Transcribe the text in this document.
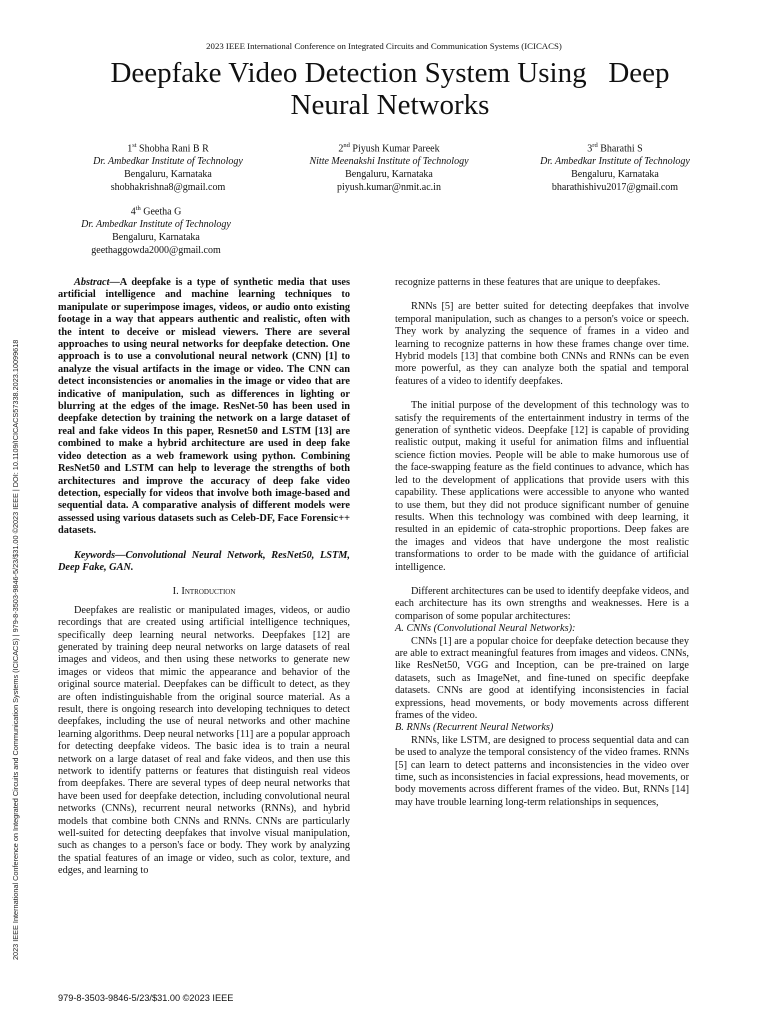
2023 IEEE International Conference on Integrated Circuits and Communication Systems (ICICACS)
Deepfake Video Detection System Using   Deep
Neural Networks
1st Shobha Rani B R
Dr. Ambedkar Institute of Technology
Bengaluru, Karnataka
shobhakrishna8@gmail.com
2nd Piyush Kumar Pareek
Nitte Meenakshi Institute of Technology
Bengaluru, Karnataka
piyush.kumar@nmit.ac.in
3rd Bharathi S
Dr. Ambedkar Institute of Technology
Bengaluru, Karnataka
bharathishivu2017@gmail.com
4th Geetha G
Dr. Ambedkar Institute of Technology
Bengaluru, Karnataka
geethaggowda2000@gmail.com
2023 IEEE International Conference on Integrated Circuits and Communication Systems (ICICACS) | 979-8-3503-9846-5/23/$31.00 ©2023 IEEE | DOI: 10.1109/ICICACS57338.2023.10099618

Abstract—A deepfake is a type of synthetic media that uses artificial intelligence and machine learning techniques to manipulate or superimpose images, videos, or audio onto existing footage in a way that appears authentic and realistic, often with the intent to deceive or mislead viewers. There are several approaches to using neural networks for deepfake detection. One approach is to use a convolutional neural network (CNN) [1] to analyze the visual artifacts in the image or video. The CNN can detect inconsistencies or anomalies in the image or video that are indicative of manipulation, such as differences in lighting or blurring at the edges of the image. ResNet-50 has been used in deepfake detection by training the network on a large dataset of real and fake videos In this paper, Resnet50 and LSTM [13] are combined to make a hybrid architecture are used in deep fake video detection as a web framework using python. Combining ResNet50 and LSTM can help to leverage the strengths of both architectures and improve the accuracy of deep fake video detection, especially for videos that involve both image-based and sequential data. A comparative analysis of different models were assessed using various datasets such as Celeb-DF, Face Forensic++ datasets.

Keywords—Convolutional Neural Network, ResNet50, LSTM, Deep Fake, GAN.

I. Introduction

Deepfakes are realistic or manipulated images, videos, or audio recordings that are created using artificial intelligence techniques, specifically deep learning neural networks. Deepfakes [12] are generated by training deep neural networks on large datasets of real images and videos, and then using these networks to generate new images or videos that mimic the appearance and behavior of the original source material. Deepfakes can be difficult to detect, as they are often indistinguishable from the original source material. As a result, there is ongoing research into developing techniques to detect deepfakes, including the use of neural networks and other machine learning algorithms. Deep neural networks [11] are a popular approach for detecting deepfake videos. The basic idea is to train a neural network on a large dataset of real and fake videos, and then use this network to identify patterns or features that distinguish real videos from deepfakes. There are several types of deep neural networks that have been used for deepfake detection, including convolutional neural networks (CNNs), recurrent neural networks (RNNs), and hybrid models that combine both CNNs and RNNs. CNNs are particularly well-suited for detecting deepfakes that involve visual manipulation, such as changes to a person's face or body. They work by analyzing the spatial features of an image or video, such as color, texture, and edges, and learning to

recognize patterns in these features that are unique to deepfakes.

RNNs [5] are better suited for detecting deepfakes that involve temporal manipulation, such as changes to a person's voice or speech. They work by analyzing the sequence of frames in a video and learning to recognize patterns in how these frames change over time. Hybrid models [13] that combine both CNNs and RNNs can be even more powerful, as they can analyze both the spatial and temporal features of a video to identify deepfakes.

The initial purpose of the development of this technology was to satisfy the requirements of the entertainment industry in terms of the generation of synthetic videos. Deepfake [12] is capable of providing realistic output, making it useful for animation films and influential science fiction movies. People will be able to make humorous use of the face-swapping feature as the field continues to advance, which has led to the development of applications that provide users with this capability. These applications were accessible to anyone who wanted to use them, but they did not produce significant number of genuine results. When this technology was combined with deep learning, it resulted in an epidemic of cata-strophic proportions. Deep fakes are the images and videos that have undergone the most realistic transformations to order to be made with the guidance of artificial intelligence.

Different architectures can be used to identify deepfake videos, and each architecture has its own strengths and weaknesses. Here is a comparison of some popular architectures:

A. CNNs (Convolutional Neural Networks):

CNNs [1] are a popular choice for deepfake detection because they are able to extract meaningful features from images and videos. CNNs, like ResNet50, VGG and Inception, can be pre-trained on large datasets, such as ImageNet, and fine-tuned on specific deepfake datasets. CNNs are good at identifying inconsistencies in facial expressions, head movements, or body movements across different frames of the video.

B. RNNs (Recurrent Neural Networks)

RNNs, like LSTM, are designed to process sequential data and can be used to analyze the temporal consistency of the video frames. RNNs [5] can learn to detect patterns and inconsistencies in the video over time, such as inconsistencies in facial expressions, head movements, or body movements across different frames of the video. But, RNNs [14] may have trouble learning long-term relationships in sequences,

979-8-3503-9846-5/23/$31.00 ©2023 IEEE
